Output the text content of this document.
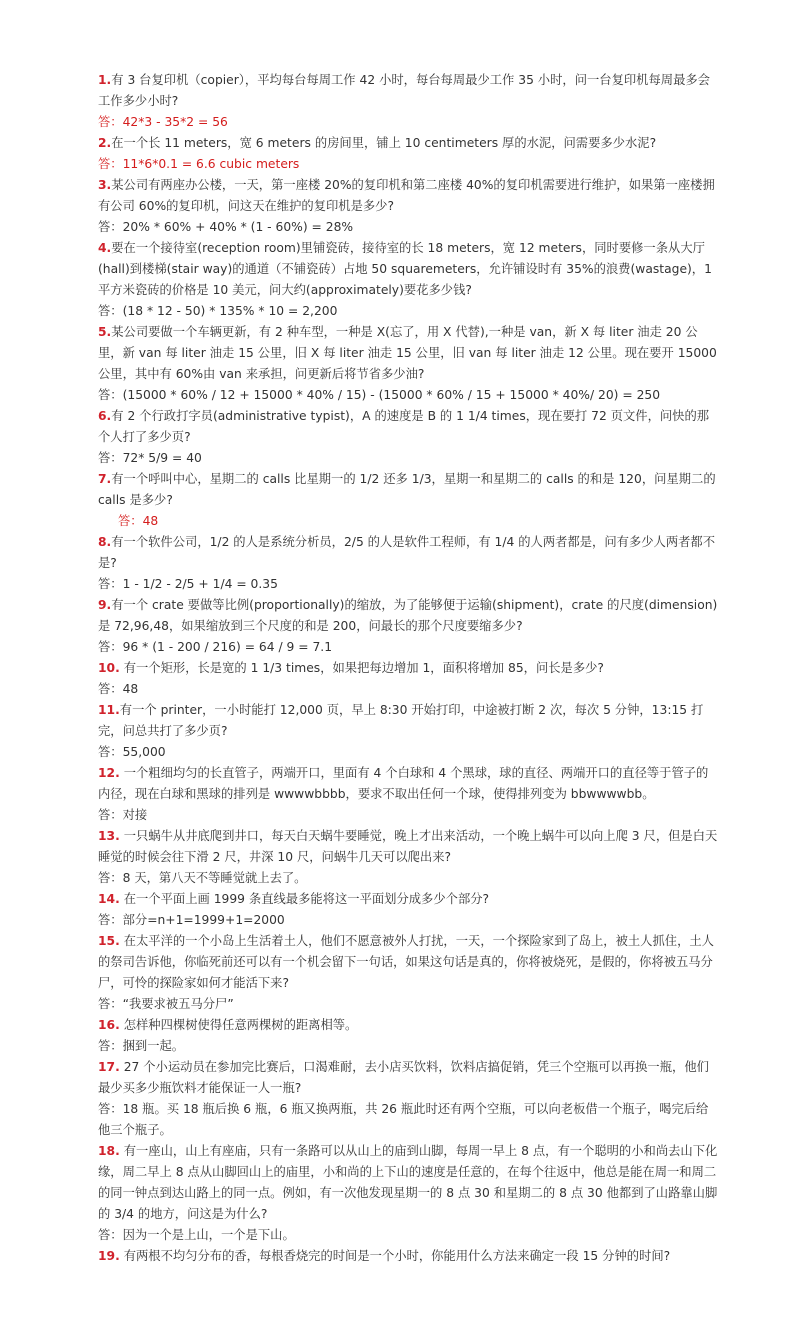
1.有 3 台复印机（copier），平均每台每周工作 42 小时，每台每周最少工作 35 小时，问一台复印机每周最多会工作多少小时?

答：42*3 - 35*2 = 56

2.在一个长 11 meters，宽 6 meters 的房间里，铺上 10 centimeters 厚的水泥，问需要多少水泥?

答：11*6*0.1 = 6.6 cubic meters

3.某公司有两座办公楼，一天，第一座楼 20%的复印机和第二座楼 40%的复印机需要进行维护，如果第一座楼拥有公司 60%的复印机，问这天在维护的复印机是多少?

答：20% * 60% + 40% * (1 - 60%) = 28%

4.要在一个接待室(reception room)里铺瓷砖，接待室的长 18 meters，宽 12 meters，同时要修一条从大厅(hall)到楼梯(stair way)的通道（不铺瓷砖）占地 50 squaremeters，允许铺设时有 35%的浪费(wastage)，1 平方米瓷砖的价格是 10 美元，问大约(approximately)要花多少钱?

答：(18 * 12 - 50) * 135% * 10 = 2,200

5.某公司要做一个车辆更新，有 2 种车型，一种是 X(忘了，用 X 代替),一种是 van，新 X 每 liter 油走 20 公里，新 van 每 liter 油走 15 公里，旧 X 每 liter 油走 15 公里，旧 van 每 liter 油走 12 公里。现在要开 15000 公里，其中有 60%由 van 来承担，问更新后将节省多少油?

答：(15000 * 60% / 12 + 15000 * 40% / 15) - (15000 * 60% / 15 + 15000 * 40%/ 20) = 250

6.有 2 个行政打字员(administrative typist)，A 的速度是 B 的 1 1/4 times，现在要打 72 页文件，问快的那个人打了多少页?

答：72* 5/9 = 40

7.有一个呼叫中心，星期二的 calls 比星期一的 1/2 还多 1/3，星期一和星期二的 calls 的和是 120，问星期二的 calls 是多少?

答：48

8.有一个软件公司，1/2 的人是系统分析员，2/5 的人是软件工程师，有 1/4 的人两者都是，问有多少人两者都不是?

答：1 - 1/2 - 2/5 + 1/4 = 0.35

9.有一个 crate 要做等比例(proportionally)的缩放，为了能够便于运输(shipment)，crate 的尺度(dimension)是 72,96,48，如果缩放到三个尺度的和是 200，问最长的那个尺度要缩多少?

答：96 * (1 - 200 / 216) = 64 / 9 = 7.1

10. 有一个矩形，长是宽的 1 1/3 times，如果把每边增加 1，面积将增加 85，问长是多少?

答：48

11.有一个 printer，一小时能打 12,000 页，早上 8:30 开始打印，中途被打断 2 次，每次 5 分钟，13:15 打完，问总共打了多少页?

答：55,000

12. 一个粗细均匀的长直管子，两端开口，里面有 4 个白球和 4 个黑球，球的直径、两端开口的直径等于管子的内径，现在白球和黑球的排列是 wwwwbbbb，要求不取出任何一个球，使得排列变为 bbwwwwbb。

答：对接

13. 一只蜗牛从井底爬到井口，每天白天蜗牛要睡觉，晚上才出来活动，一个晚上蜗牛可以向上爬 3 尺，但是白天睡觉的时候会往下滑 2 尺，井深 10 尺，问蜗牛几天可以爬出来?

答：8 天，第八天不等睡觉就上去了。

14. 在一个平面上画 1999 条直线最多能将这一平面划分成多少个部分?

答：部分=n+1=1999+1=2000

15. 在太平洋的一个小岛上生活着土人，他们不愿意被外人打扰，一天，一个探险家到了岛上，被土人抓住，土人的祭司告诉他，你临死前还可以有一个机会留下一句话，如果这句话是真的，你将被烧死，是假的，你将被五马分尸，可怜的探险家如何才能活下来?

答：“我要求被五马分尸”

16. 怎样种四棵树使得任意两棵树的距离相等。

答：捆到一起。

17. 27 个小运动员在参加完比赛后，口渴难耐，去小店买饮料，饮料店搞促销，凭三个空瓶可以再换一瓶，他们最少买多少瓶饮料才能保证一人一瓶?

答：18 瓶。买 18 瓶后换 6 瓶，6 瓶又换两瓶，共 26 瓶此时还有两个空瓶，可以向老板借一个瓶子，喝完后给他三个瓶子。

18. 有一座山，山上有座庙，只有一条路可以从山上的庙到山脚，每周一早上 8 点，有一个聪明的小和尚去山下化缘，周二早上 8 点从山脚回山上的庙里，小和尚的上下山的速度是任意的，在每个往返中，他总是能在周一和周二的同一钟点到达山路上的同一点。例如，有一次他发现星期一的 8 点 30 和星期二的 8 点 30 他都到了山路靠山脚的 3/4 的地方，问这是为什么?

答：因为一个是上山，一个是下山。

19. 有两根不均匀分布的香，每根香烧完的时间是一个小时，你能用什么方法来确定一段 15 分钟的时间?
